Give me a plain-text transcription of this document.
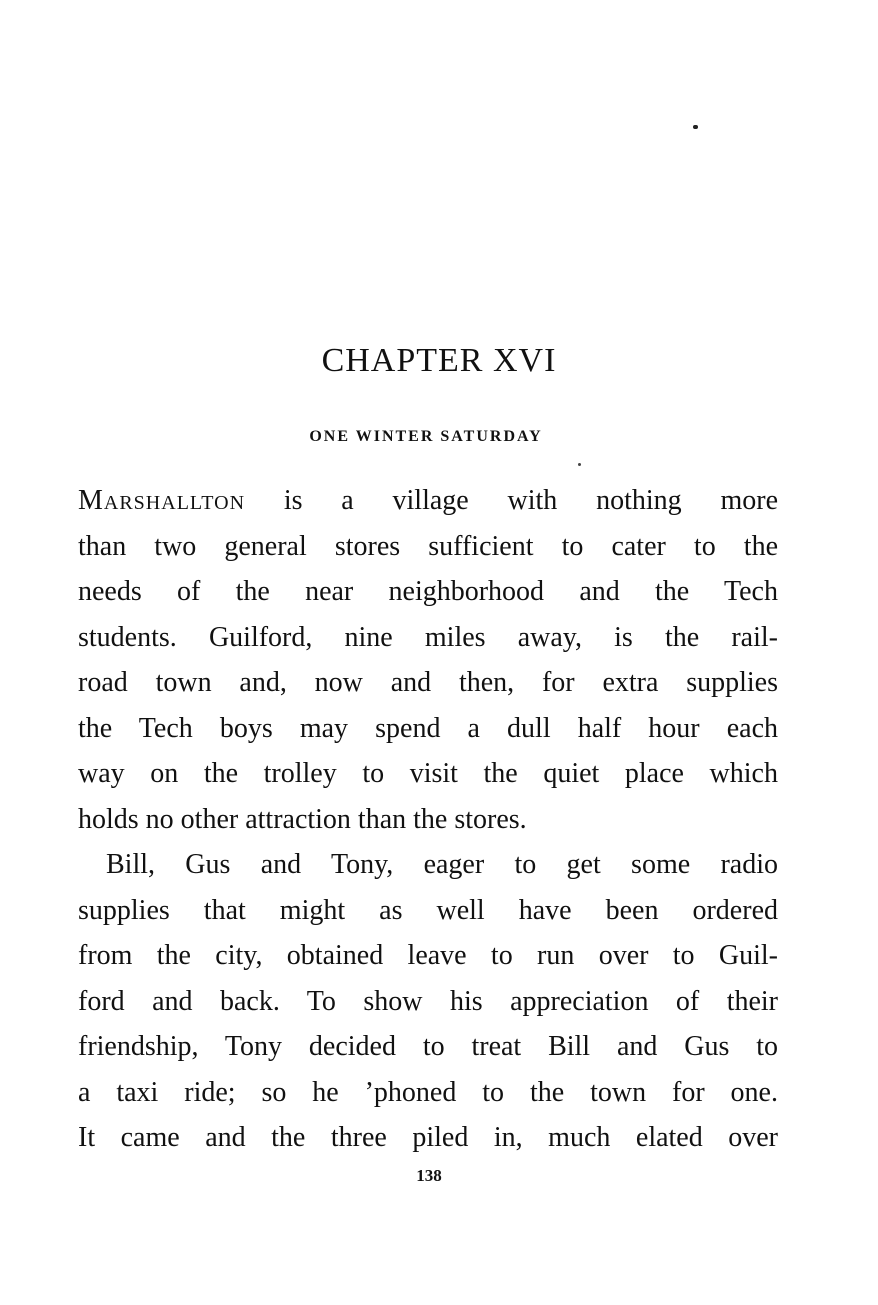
CHAPTER XVI
ONE WINTER SATURDAY

Marshallton is a village with nothing more
than two general stores sufficient to cater to the
needs of the near neighborhood and the Tech
students. Guilford, nine miles away, is the rail-
road town and, now and then, for extra supplies
the Tech boys may spend a dull half hour each
way on the trolley to visit the quiet place which
holds no other attraction than the stores.

Bill, Gus and Tony, eager to get some radio
supplies that might as well have been ordered
from the city, obtained leave to run over to Guil-
ford and back. To show his appreciation of their
friendship, Tony decided to treat Bill and Gus to
a taxi ride; so he ’phoned to the town for one.
It came and the three piled in, much elated over

138
